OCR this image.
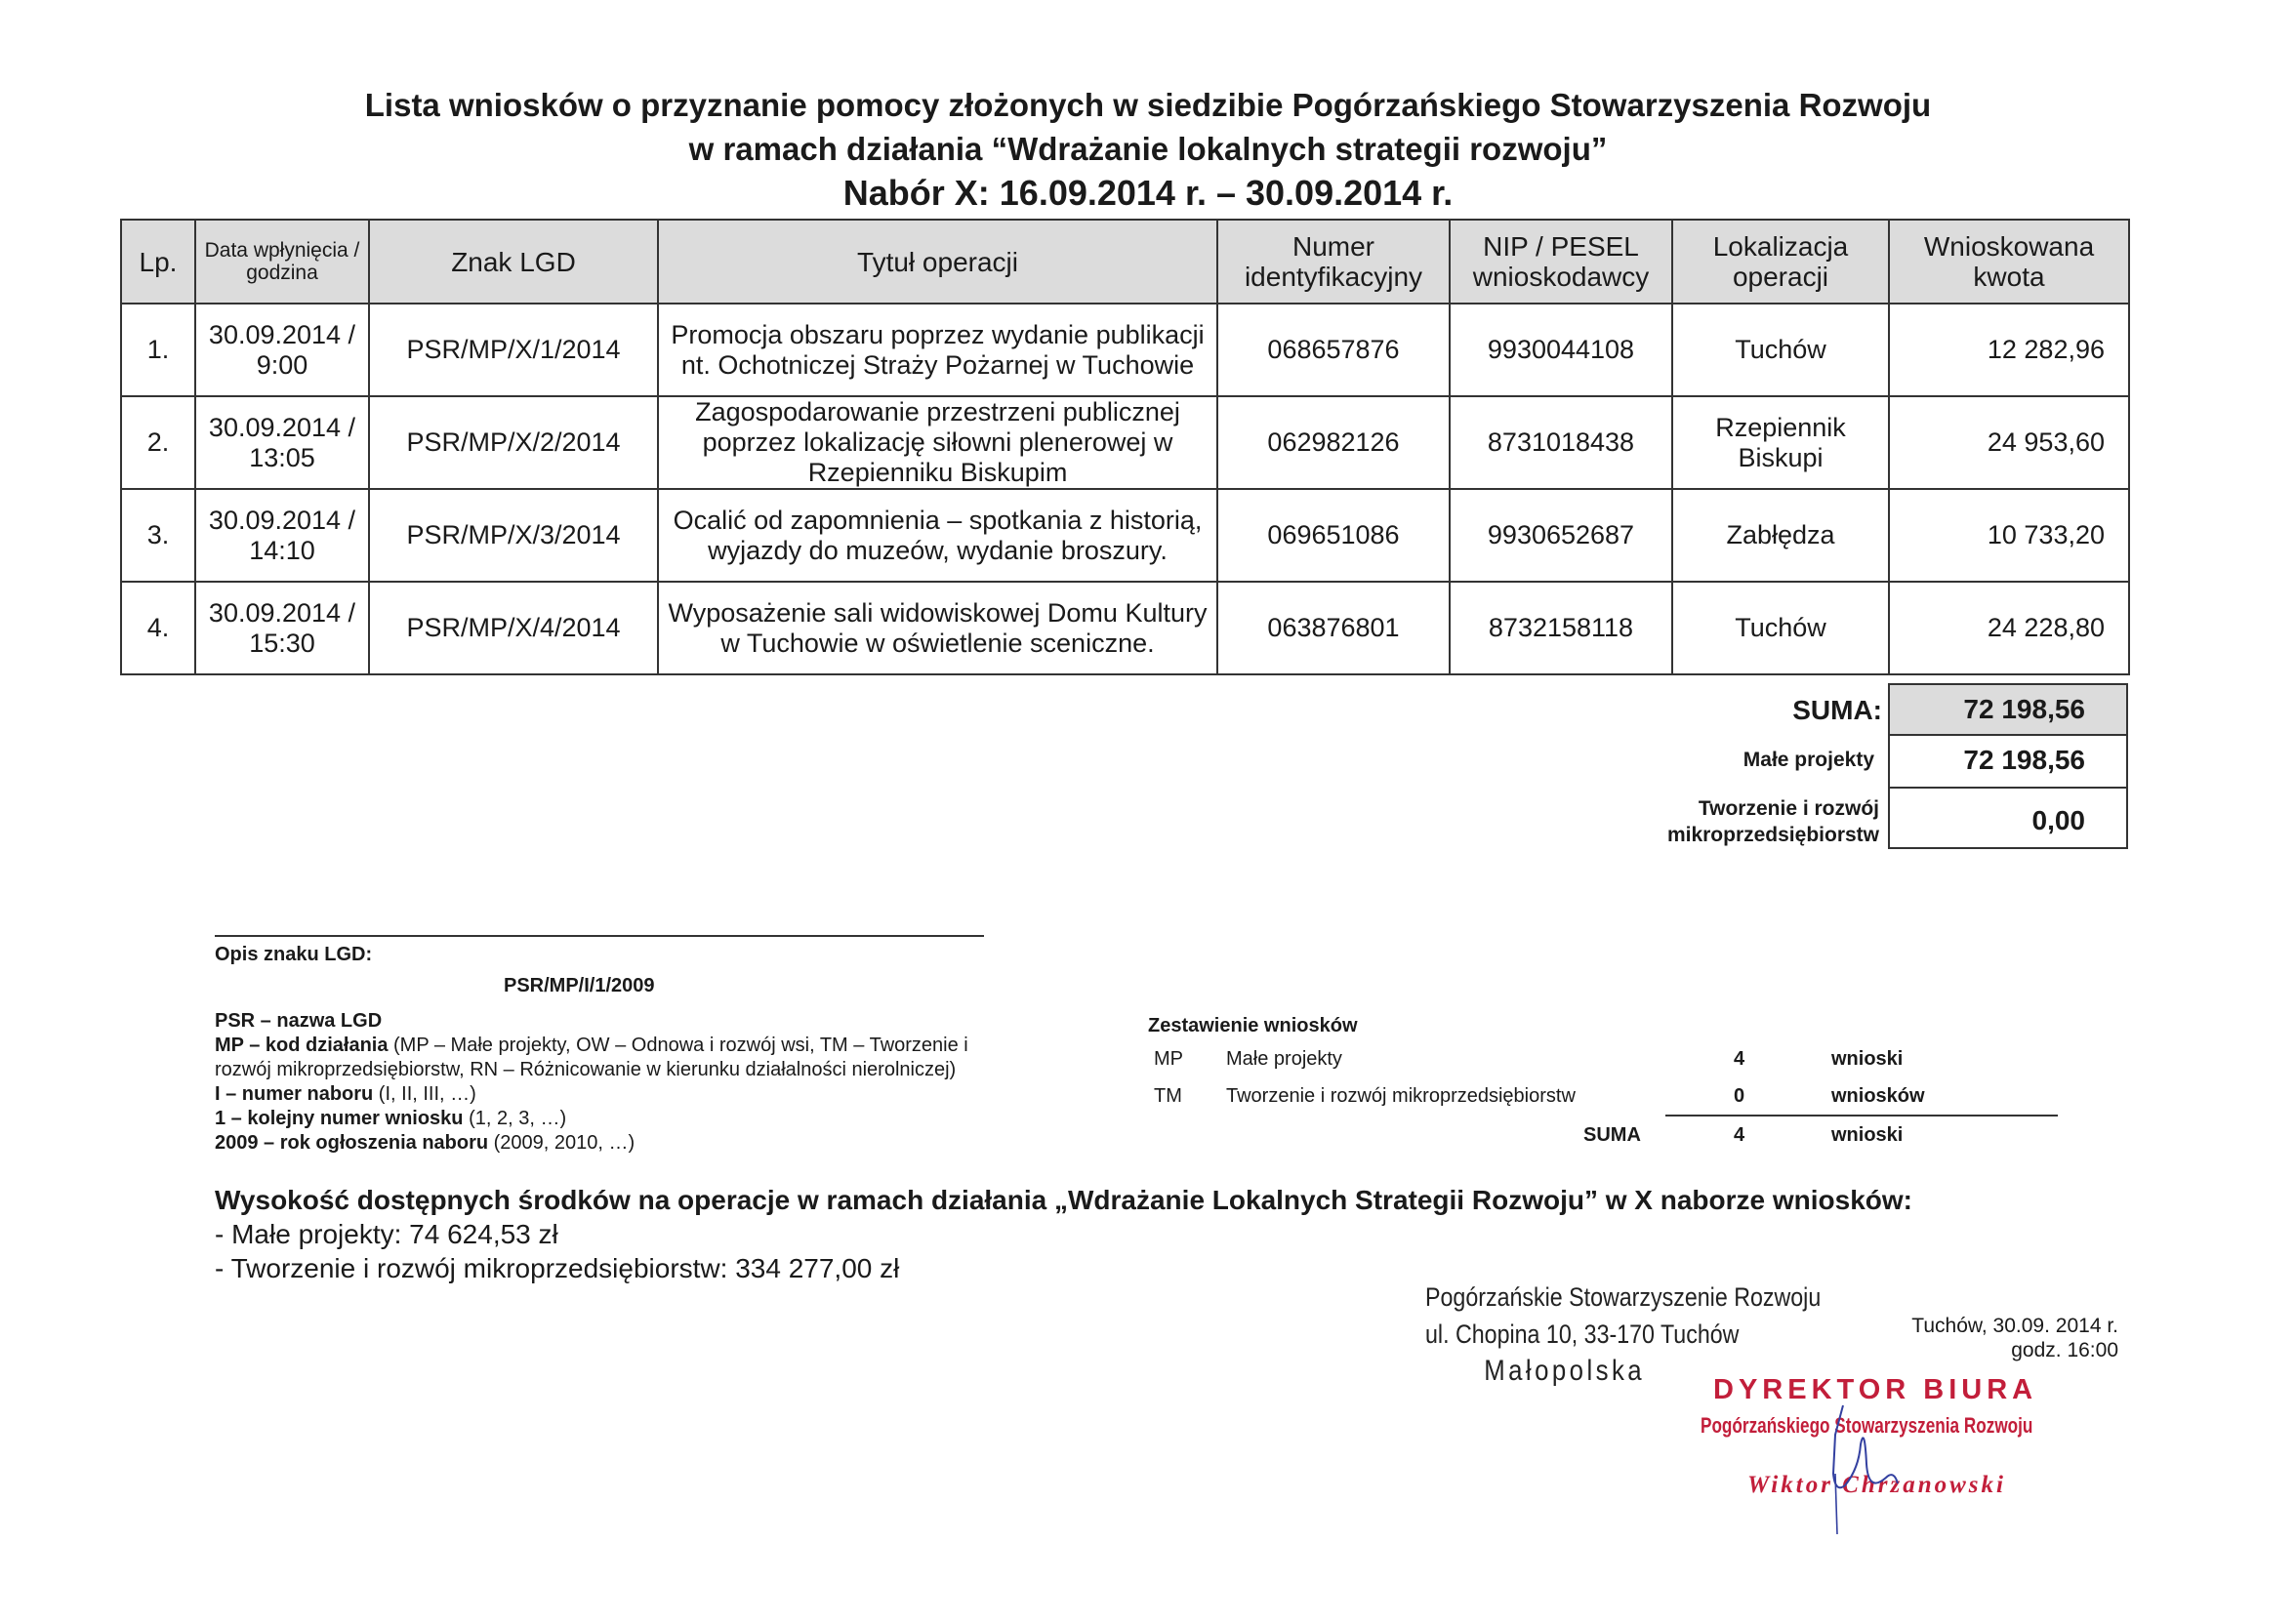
Lista wniosków o przyznanie pomocy złożonych w siedzibie Pogórzańskiego Stowarzyszenia Rozwoju
w ramach działania “Wdrażanie lokalnych strategii rozwoju”
Nabór X: 16.09.2014 r. – 30.09.2014 r.
Lp.	Data wpłynięcia / godzina	Znak LGD	Tytuł operacji	Numer identyfikacyjny	NIP / PESEL wnioskodawcy	Lokalizacja operacji	Wnioskowana kwota
1.	30.09.2014 / 9:00	PSR/MP/X/1/2014	Promocja obszaru poprzez wydanie publikacji nt. Ochotniczej Straży Pożarnej w Tuchowie	068657876	9930044108	Tuchów	12 282,96
2.	30.09.2014 / 13:05	PSR/MP/X/2/2014	Zagospodarowanie przestrzeni publicznej poprzez lokalizację siłowni plenerowej w Rzepienniku Biskupim	062982126	8731018438	Rzepiennik Biskupi	24 953,60
3.	30.09.2014 / 14:10	PSR/MP/X/3/2014	Ocalić od zapomnienia – spotkania z historią, wyjazdy do muzeów, wydanie broszury.	069651086	9930652687	Zabłędza	10 733,20
4.	30.09.2014 / 15:30	PSR/MP/X/4/2014	Wyposażenie sali widowiskowej Domu Kultury w Tuchowie w oświetlenie sceniczne.	063876801	8732158118	Tuchów	24 228,80
SUMA:	72 198,56
Małe projekty	72 198,56
Tworzenie i rozwój mikroprzedsiębiorstw	0,00
Opis znaku LGD:
PSR/MP/I/1/2009
PSR – nazwa LGD
MP – kod działania (MP – Małe projekty, OW – Odnowa i rozwój wsi, TM – Tworzenie i
rozwój mikroprzedsiębiorstw, RN – Różnicowanie w kierunku działalności nierolniczej)
I – numer naboru (I, II, III, …)
1 – kolejny numer wniosku (1, 2, 3, …)
2009 – rok ogłoszenia naboru (2009, 2010, …)
Zestawienie wniosków
MP Małe projekty	4	wnioski
TM Tworzenie i rozwój mikroprzedsiębiorstw	0	wniosków
SUMA	4	wnioski
Wysokość dostępnych środków na operacje w ramach działania „Wdrażanie Lokalnych Strategii Rozwoju” w X naborze wniosków:
- Małe projekty: 74 624,53 zł
- Tworzenie i rozwój mikroprzedsiębiorstw: 334 277,00 zł
Pogórzańskie Stowarzyszenie Rozwoju
ul. Chopina 10, 33-170 Tuchów
Małopolska
Tuchów, 30.09. 2014 r.
godz. 16:00
DYREKTOR BIURA
Pogórzańskiego Stowarzyszenia Rozwoju
Wiktor Chrzanowski
